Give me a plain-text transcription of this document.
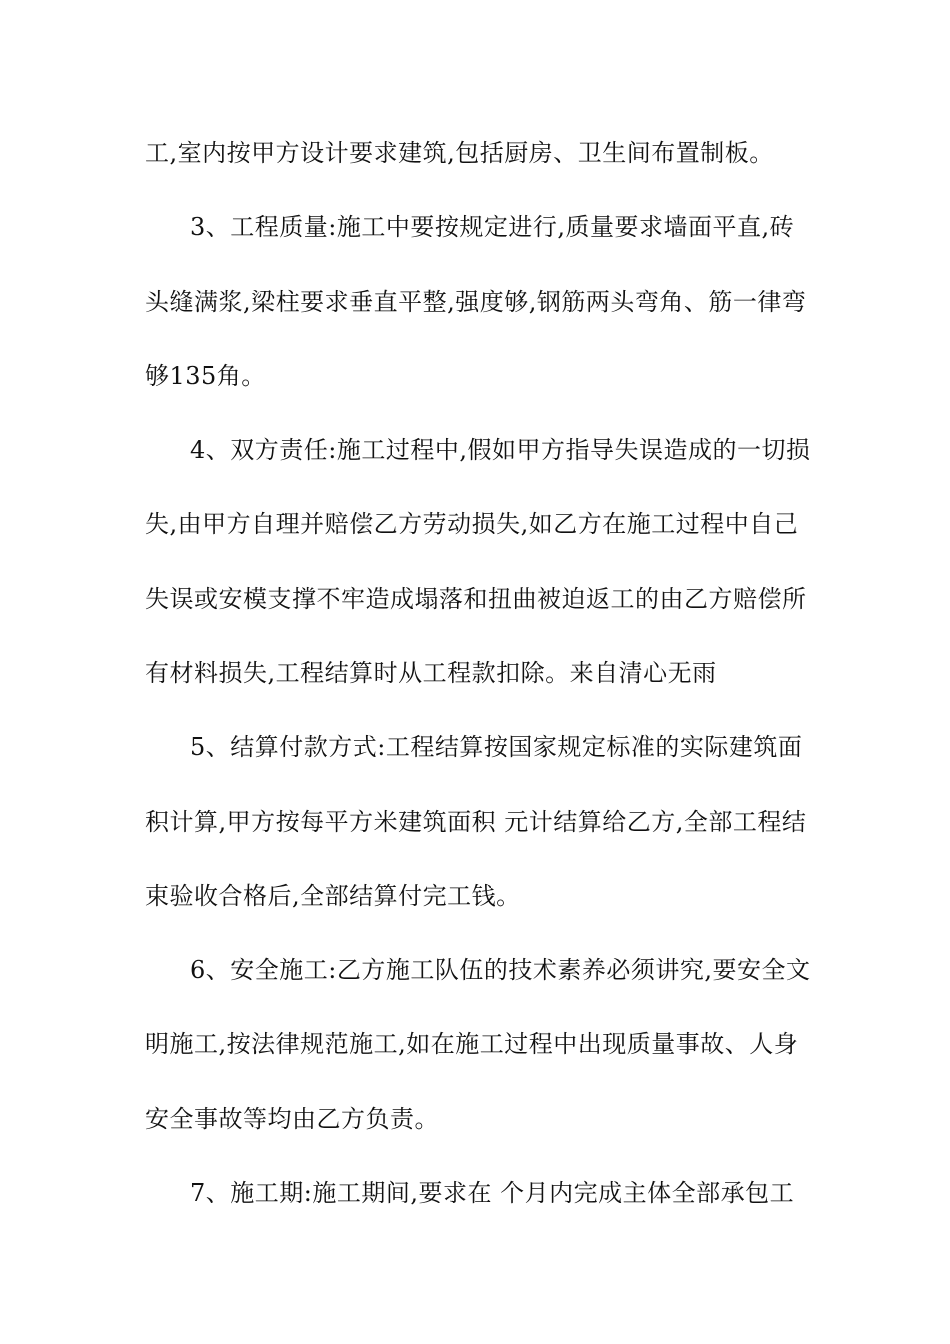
工,室内按甲方设计要求建筑,包括厨房、卫生间布置制板。
3、工程质量:施工中要按规定进行,质量要求墙面平直,砖
头缝满浆,梁柱要求垂直平整,强度够,钢筋两头弯角、筋一律弯
够135角。
4、双方责任:施工过程中,假如甲方指导失误造成的一切损
失,由甲方自理并赔偿乙方劳动损失,如乙方在施工过程中自己
失误或安模支撑不牢造成塌落和扭曲被迫返工的由乙方赔偿所
有材料损失,工程结算时从工程款扣除。来自清心无雨
5、结算付款方式:工程结算按国家规定标准的实际建筑面
积计算,甲方按每平方米建筑面积 元计结算给乙方,全部工程结
束验收合格后,全部结算付完工钱。
6、安全施工:乙方施工队伍的技术素养必须讲究,要安全文
明施工,按法律规范施工,如在施工过程中出现质量事故、人身
安全事故等均由乙方负责。
7、施工期:施工期间,要求在 个月内完成主体全部承包工
